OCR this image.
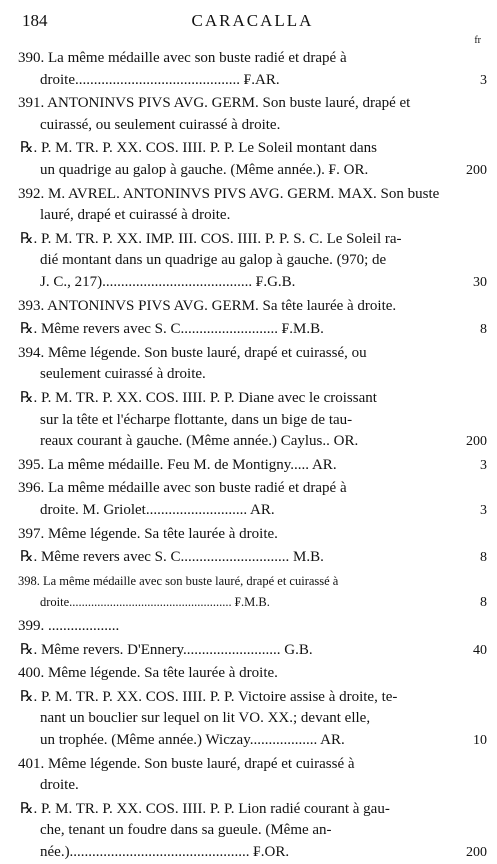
184	CARACALLA
fr
390. La même médaille avec son buste radié et drapé à
droite............................................ ₣.AR.	3
391. ANTONINVS PIVS AVG. GERM. Son buste lauré, drapé et
cuirassé, ou seulement cuirassé à droite.
℞. P. M. TR. P. XX. COS. IIII. P. P. Le Soleil montant dans
un quadrige au galop à gauche. (Même année.). ₣. OR.	200
392. M. AVREL. ANTONINVS PIVS AVG. GERM. MAX. Son buste
lauré, drapé et cuirassé à droite.
℞. P. M. TR. P. XX. IMP. III. COS. IIII. P. P. S. C. Le Soleil ra-
dié montant dans un quadrige au galop à gauche. (970; de
J. C., 217)........................................ ₣.G.B.	30
393. ANTONINVS PIVS AVG. GERM. Sa tête laurée à droite.
℞. Même revers avec S. C.......................... ₣.M.B.	8
394. Même légende. Son buste lauré, drapé et cuirassé, ou
seulement cuirassé à droite.
℞. P. M. TR. P. XX. COS. IIII. P. P. Diane avec le croissant
sur la tête et l'écharpe flottante, dans un bige de tau-
reaux courant à gauche. (Même année.) Caylus.. OR.	200
395. La même médaille. Feu M. de Montigny..... AR.	3
396. La même médaille avec son buste radié et drapé à
droite. M. Griolet........................... AR.	3
397. Même légende. Sa tête laurée à droite.
℞. Même revers avec S. C............................. M.B.	8
398. La même médaille avec son buste lauré, drapé et cuirassé à
droite.................................................... ₣.M.B.	8
399. ...................
℞. Même revers. D'Ennery.......................... G.B.	40
400. Même légende. Sa tête laurée à droite.
℞. P. M. TR. P. XX. COS. IIII. P. P. Victoire assise à droite, te-
nant un bouclier sur lequel on lit VO. XX.; devant elle,
un trophée. (Même année.) Wiczay.................. AR.	10
401. Même légende. Son buste lauré, drapé et cuirassé à
droite.
℞. P. M. TR. P. XX. COS. IIII. P. P. Lion radié courant à gau-
che, tenant un foudre dans sa gueule. (Même an-
née.)................................................ ₣.OR.	200
